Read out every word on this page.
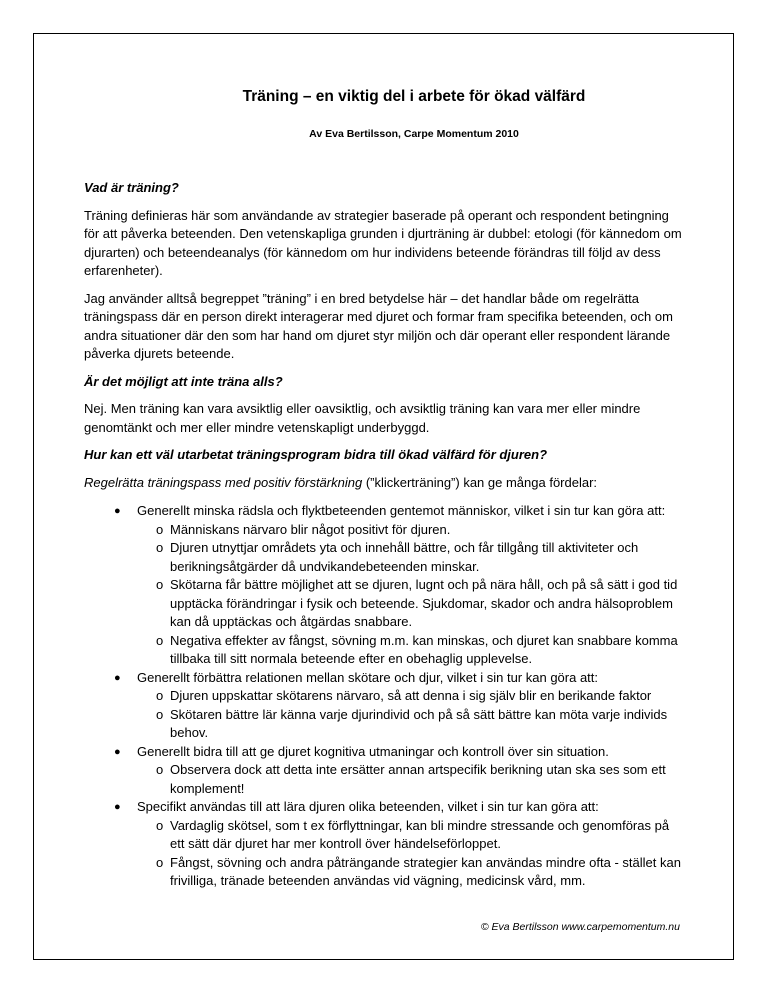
Träning – en viktig del i arbete för ökad välfärd

Av Eva Bertilsson, Carpe Momentum 2010

Vad är träning?

Träning definieras här som användande av strategier baserade på operant och respondent betingning för att påverka beteenden. Den vetenskapliga grunden i djurträning är dubbel: etologi (för kännedom om djurarten) och beteendeanalys (för kännedom om hur individens beteende förändras till följd av dess erfarenheter).

Jag använder alltså begreppet ”träning” i en bred betydelse här – det handlar både om regelrätta träningspass där en person direkt interagerar med djuret och formar fram specifika beteenden, och om andra situationer där den som har hand om djuret styr miljön och där operant eller respondent lärande påverka djurets beteende.

Är det möjligt att inte träna alls?

Nej. Men träning kan vara avsiktlig eller oavsiktlig, och avsiktlig träning kan vara mer eller mindre genomtänkt och mer eller mindre vetenskapligt underbyggd.

Hur kan ett väl utarbetat träningsprogram bidra till ökad välfärd för djuren?

Regelrätta träningspass med positiv förstärkning (”klickerträning”) kan ge många fördelar:

● Generellt minska rädsla och flyktbeteenden gentemot människor, vilket i sin tur kan göra att:
o Människans närvaro blir något positivt för djuren.
o Djuren utnyttjar områdets yta och innehåll bättre, och får tillgång till aktiviteter och berikningsåtgärder då undvikandebeteenden minskar.
o Skötarna får bättre möjlighet att se djuren, lugnt och på nära håll, och på så sätt i god tid upptäcka förändringar i fysik och beteende. Sjukdomar, skador och andra hälsoproblem kan då upptäckas och åtgärdas snabbare.
o Negativa effekter av fångst, sövning m.m. kan minskas, och djuret kan snabbare komma tillbaka till sitt normala beteende efter en obehaglig upplevelse.
● Generellt förbättra relationen mellan skötare och djur, vilket i sin tur kan göra att:
o Djuren uppskattar skötarens närvaro, så att denna i sig själv blir en berikande faktor
o Skötaren bättre lär känna varje djurindivid och på så sätt bättre kan möta varje individs behov.
● Generellt bidra till att ge djuret kognitiva utmaningar och kontroll över sin situation.
o Observera dock att detta inte ersätter annan artspecifik berikning utan ska ses som ett komplement!
● Specifikt användas till att lära djuren olika beteenden, vilket i sin tur kan göra att:
o Vardaglig skötsel, som t ex förflyttningar, kan bli mindre stressande och genomföras på ett sätt där djuret har mer kontroll över händelseförloppet.
o Fångst, sövning och andra påträngande strategier kan användas mindre ofta - stället kan frivilliga, tränade beteenden användas vid vägning, medicinsk vård, mm.
© Eva Bertilsson www.carpemomentum.nu
